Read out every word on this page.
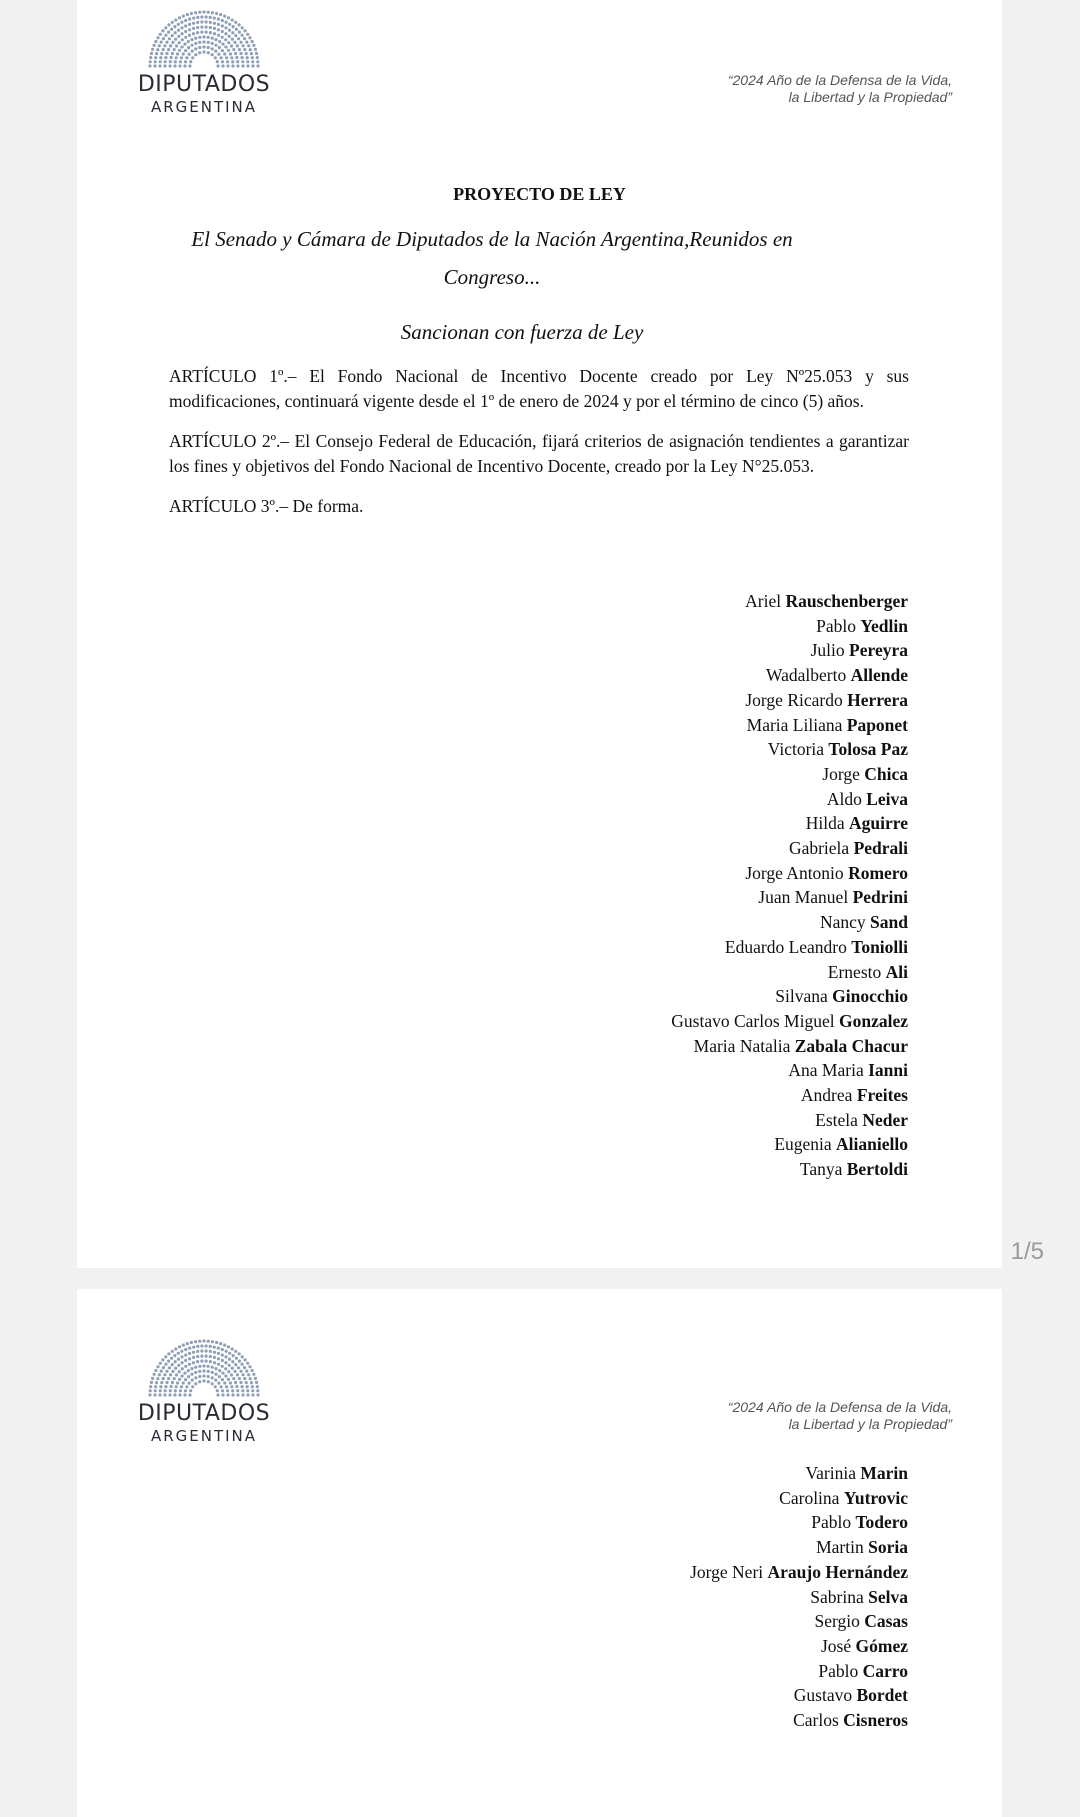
DIPUTADOS
ARGENTINA
“2024 Año de la Defensa de la Vida,
la Libertad y la Propiedad”
PROYECTO DE LEY
El Senado y Cámara de Diputados de la Nación Argentina,Reunidos en Congreso...
Sancionan con fuerza de Ley

ARTÍCULO 1º.– El Fondo Nacional de Incentivo Docente creado por Ley Nº25.053 y sus modificaciones, continuará vigente desde el 1º de enero de 2024 y por el término de cinco (5) años.

ARTÍCULO 2º.– El Consejo Federal de Educación, fijará criterios de asignación tendientes a garantizar los fines y objetivos del Fondo Nacional de Incentivo Docente, creado por la Ley N°25.053.

ARTÍCULO 3º.– De forma.

Ariel Rauschenberger
Pablo Yedlin
Julio Pereyra
Wadalberto Allende
Jorge Ricardo Herrera
Maria Liliana Paponet
Victoria Tolosa Paz
Jorge Chica
Aldo Leiva
Hilda Aguirre
Gabriela Pedrali
Jorge Antonio Romero
Juan Manuel Pedrini
Nancy Sand
Eduardo Leandro Toniolli
Ernesto Ali
Silvana Ginocchio
Gustavo Carlos Miguel Gonzalez
Maria Natalia Zabala Chacur
Ana Maria Ianni
Andrea Freites
Estela Neder
Eugenia Alianiello
Tanya Bertoldi
1/5
DIPUTADOS
ARGENTINA
“2024 Año de la Defensa de la Vida,
la Libertad y la Propiedad”
Varinia Marin
Carolina Yutrovic
Pablo Todero
Martin Soria
Jorge Neri Araujo Hernández
Sabrina Selva
Sergio Casas
José Gómez
Pablo Carro
Gustavo Bordet
Carlos Cisneros
